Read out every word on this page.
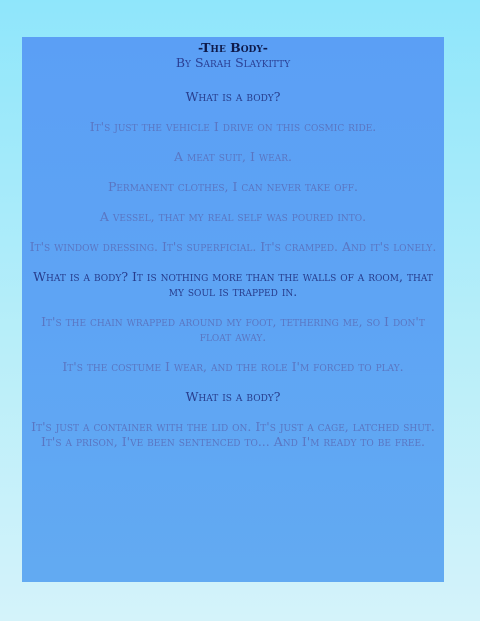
-The Body-

By Sarah Slaykitty

What is a body?

It's just the vehicle I drive on this cosmic ride.

A meat suit, I wear.

Permanent clothes, I can never take off.

A vessel, that my real self was poured into.

It's window dressing. It's superficial. It's cramped. And it's lonely.

What is a body? It is nothing more than the walls of a room, that my soul is trapped in.

It's the chain wrapped around my foot, tethering me, so I don't float away.

It's the costume I wear, and the role I'm forced to play.

What is a body?

It's just a container with the lid on. It's just a cage, latched shut. It's a prison, I've been sentenced to... And I'm ready to be free.
